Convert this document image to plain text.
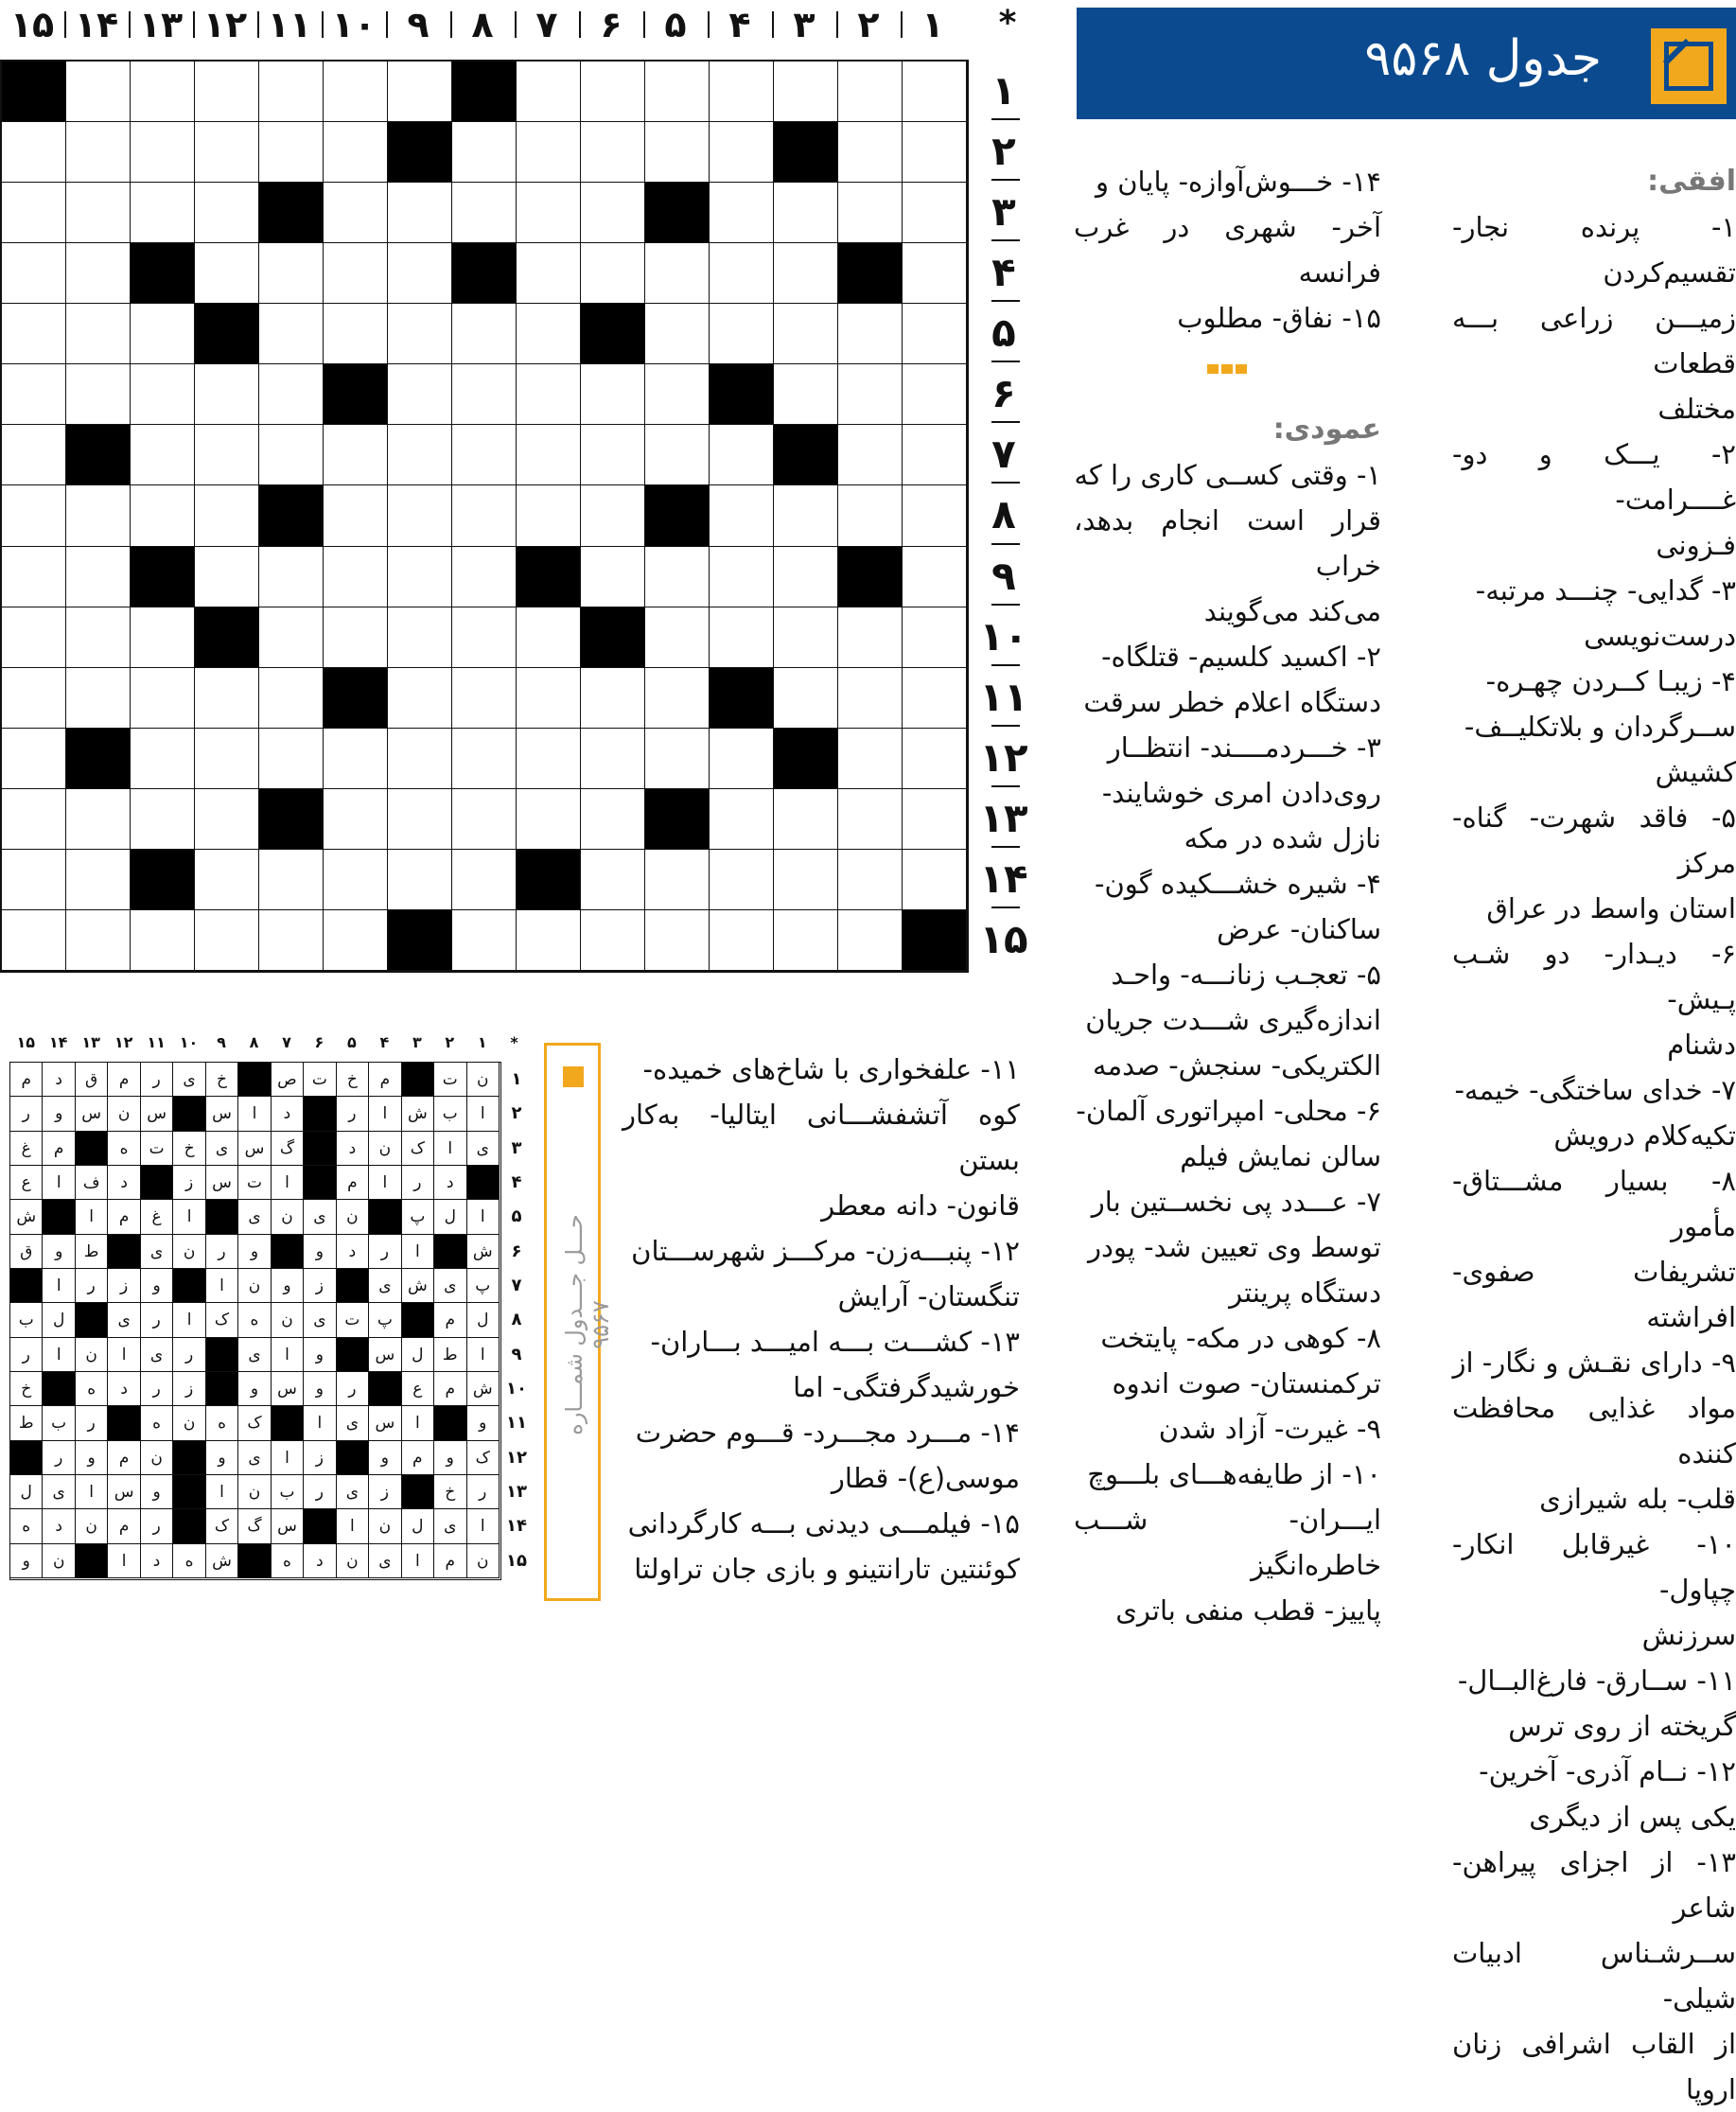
۱
۲
۳
۴
۵
۶
۷
۸
۹
۱۰
۱۱
۱۲
۱۳
۱۴
۱۵	*
۱
۲
۳
۴
۵
۶
۷
۸
۹
۱۰
۱۱
۱۲
۱۳
۱۴
۱۵
جدول ۹۵۶۸
افقی:
۱- پرنده نجار- تقسیم‌کردن
زمیـــن زراعی بـــه قطعات
مختلف
۲- یـــک و دو- غــــرامت-
فـزونی
۳- گدایی- چنـــد مرتبه-
درست‌نویسی
۴- زیبـا کــردن چهـره-
ســرگردان و بلاتکلیــف-
کشیش
۵- فاقد شهرت- گناه- مرکز
استان واسط در عراق
۶- دیـدار- دو شـب پـیش-
دشنام
۷- خدای ساختگی- خیمه-
تکیه‌کلام درویش
۸- بسیار مشـــتاق- مأمور
تشریفات صفوی- افراشته
۹- دارای نقـش و نگار- از
مواد غذایی محافظت کننده
قلب- بله شیرازی
۱۰- غیرقابل انکار- چپاول-
سرزنش
۱۱- ســارق- فارغ‌البــال-
گریخته از روی ترس
۱۲- نــام آذری- آخرین-
یکی پس از دیگری
۱۳- از اجزای پیراهن- شاعر
ســرشـناس ادبیات شیلی-
از القاب اشرافی زنان اروپا
۱۴- خـــوش‌آوازه- پایان و
آخر- شهری در غرب فرانسه
۱۵- نفاق- مطلوب
عمودی:
۱- وقتی کســی کاری را که
قرار است انجام بدهد، خراب
می‌کند می‌گویند
۲- اکسید کلسیم- قتلگاه-
دستگاه اعلام خطر سرقت
۳- خـــردمــــند- انتظــار
روی‌دادن امری خوشایند-
نازل شده در مکه
۴- شیره خشـــکیده گون-
ساکنان- عرض
۵- تعجـب زنانـــه- واحـد
اندازه‌گیری شـــدت جریان
الکتریکی- سنجش- صدمه
۶- محلی- امپراتوری آلمان-
سالن نمایش فیلم
۷- عـــدد پی نخســتین بار
توسط وی تعیین شد- پودر
دستگاه پرینتر
۸- کوهی در مکه- پایتخت
ترکمنستان- صوت اندوه
۹- غیرت- آزاد شدن
۱۰- از طایفه‌هـــای بلـــوچ
ایـــران- شـــب خاطره‌انگیز
پاییز- قطب منفی باتری
۱۱- علفخواری با شاخ‌های خمیده-
کوه آتشفشـــانی ایتالیا- به‌کار بستن
قانون- دانه معطر
۱۲- پنبـــه‌زن- مرکـــز شهرســـتان
تنگستان- آرایش
۱۳- کشـــت بـــه امیـــد بـــاران-
خورشیدگرفتگی- اما
۱۴- مـــرد مجـــرد- قـــوم حضرت
موسی(ع)- قطار
۱۵- فیلمـــی دیدنی بـــه کارگردانی
کوئنتین تارانتینو و بازی جان تراولتا
۱
۲
۳
۴
۵
۶
۷
۸
۹
۱۰
۱۱
۱۲
۱۳
۱۴
۱۵	*
ن
ت
م
خ
ت
ص
خ
ی
ر
م
ق
د
م
ا
ب
ش
ا
ر
د
ا
س
س
ن
س
و
ر
ی
ا
ک
ن
د
گ
س
ی
خ
ت
ه
م
غ
د
ر
ا
م
ا
ت
س
ز
د
ف
ا
ع
ا
ل
پ
ن
ی
ن
ی
ا
غ
م
ا
ش
ش
ا
ر
د
و
و
ر
ن
ی
ط
و
ق
پ
ی
ش
ی
ز
و
ن
ا
و
ز
ر
ا
ل
م
پ
ت
ی
ن
ه
ک
ا
ر
ی
ل
ب
ا
ط
ل
س
و
ا
ی
ر
ی
ا
ن
ا
ر
ش
م
ع
ر
و
س
و
ز
ر
د
ه
خ
و
ا
س
ی
ا
ک
ه
ن
ه
ر
ب
ط
ک
و
م
و
ز
ا
ی
و
ن
م
و
ر
ر
خ
ز
ی
ر
ب
ن
ا
و
س
ا
ی
ل
ا
ی
ل
ن
ا
س
گ
ک
ر
م
ن
د
ه
ن
م
ا
ی
ن
د
ه
ش
ه
د
ا
ن
و
۱
۲
۳
۴
۵
۶
۷
۸
۹
۱۰
۱۱
۱۲
۱۳
۱۴
۱۵
حـــل جـــدول شمـــاره ۹۵۶۷
